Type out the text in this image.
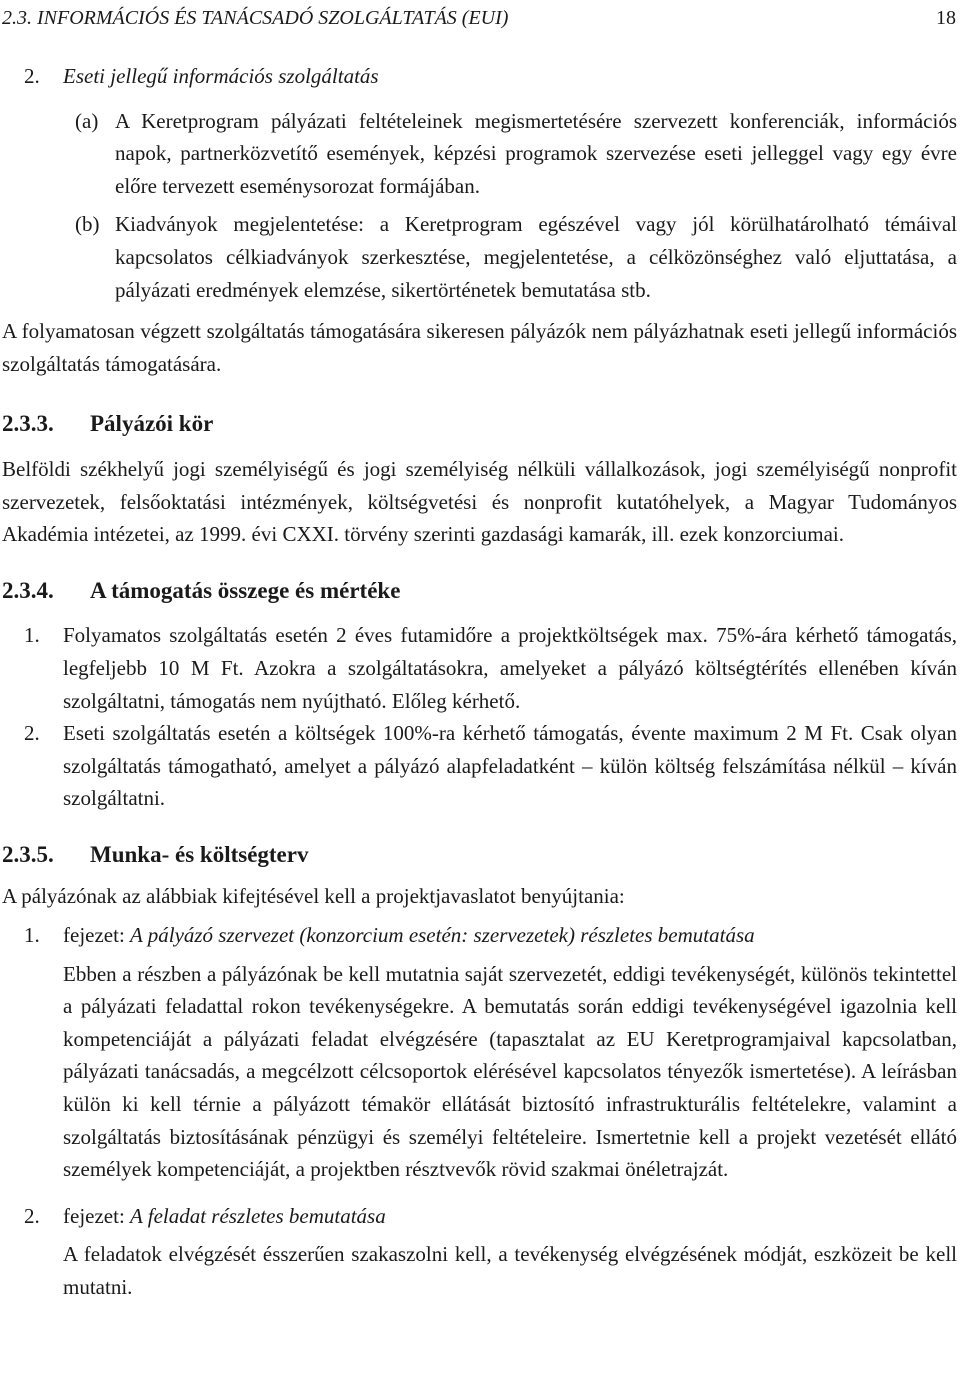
2.3. INFORMÁCIÓS ÉS TANÁCSADÓ SZOLGÁLTATÁS (EUI)	18

2. Eseti jellegű információs szolgáltatás

(a) A Keretprogram pályázati feltételeinek megismertetésére szervezett konferenciák, információs napok, partnerközvetítő események, képzési programok szervezése eseti jelleggel vagy egy évre előre tervezett eseménysorozat formájában.

(b) Kiadványok megjelentetése: a Keretprogram egészével vagy jól körülhatárolható témáival kapcsolatos célkiadványok szerkesztése, megjelentetése, a célközönséghez való eljuttatása, a pályázati eredmények elemzése, sikertörténetek bemutatása stb.

A folyamatosan végzett szolgáltatás támogatására sikeresen pályázók nem pályázhatnak eseti jellegű információs szolgáltatás támogatására.

2.3.3.	Pályázói kör

Belföldi székhelyű jogi személyiségű és jogi személyiség nélküli vállalkozások, jogi személyiségű nonprofit szervezetek, felsőoktatási intézmények, költségvetési és nonprofit kutatóhelyek, a Magyar Tudományos Akadémia intézetei, az 1999. évi CXXI. törvény szerinti gazdasági kamarák, ill. ezek konzorciumai.

2.3.4.	A támogatás összege és mértéke

1. Folyamatos szolgáltatás esetén 2 éves futamidőre a projektköltségek max. 75%-ára kérhető támogatás, legfeljebb 10 M Ft. Azokra a szolgáltatásokra, amelyeket a pályázó költségtérítés ellenében kíván szolgáltatni, támogatás nem nyújtható. Előleg kérhető.

2. Eseti szolgáltatás esetén a költségek 100%-ra kérhető támogatás, évente maximum 2 M Ft. Csak olyan szolgáltatás támogatható, amelyet a pályázó alapfeladatként – külön költség felszámítása nélkül – kíván szolgáltatni.

2.3.5.	Munka- és költségterv

A pályázónak az alábbiak kifejtésével kell a projektjavaslatot benyújtania:

1. fejezet: A pályázó szervezet (konzorcium esetén: szervezetek) részletes bemutatása

Ebben a részben a pályázónak be kell mutatnia saját szervezetét, eddigi tevékenységét, különös tekintettel a pályázati feladattal rokon tevékenységekre. A bemutatás során eddigi tevékenységével igazolnia kell kompetenciáját a pályázati feladat elvégzésére (tapasztalat az EU Keretprogramjaival kapcsolatban, pályázati tanácsadás, a megcélzott célcsoportok elérésével kapcsolatos tényezők ismertetése). A leírásban külön ki kell térnie a pályázott témakör ellátását biztosító infrastrukturális feltételekre, valamint a szolgáltatás biztosításának pénzügyi és személyi feltételeire. Ismertetnie kell a projekt vezetését ellátó személyek kompetenciáját, a projektben résztvevők rövid szakmai önéletrajzát.

2. fejezet: A feladat részletes bemutatása

A feladatok elvégzését ésszerűen szakaszolni kell, a tevékenység elvégzésének módját, eszközeit be kell mutatni.
